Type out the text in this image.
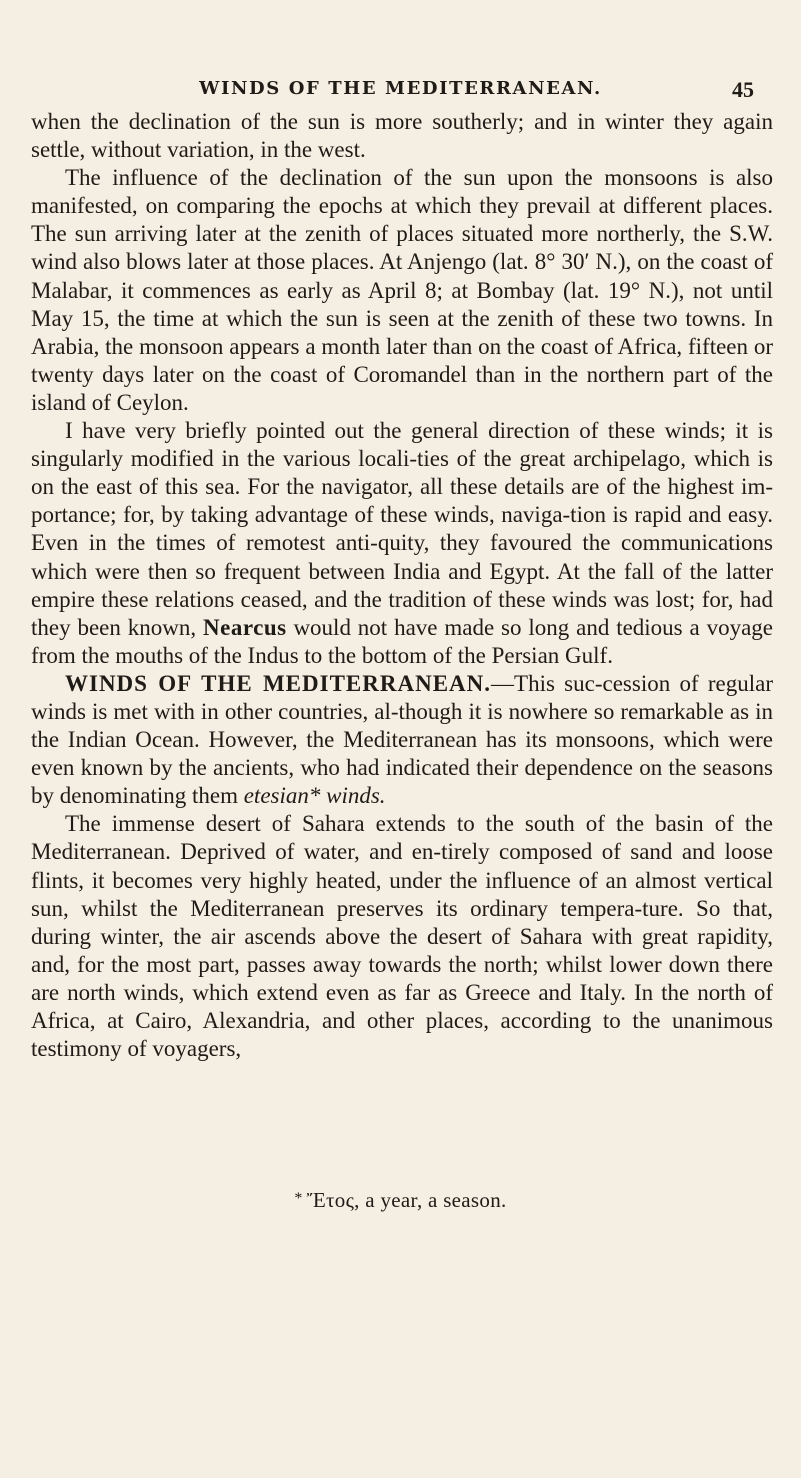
WINDS OF THE MEDITERRANEAN.	45

when the declination of the sun is more southerly; and in winter they again settle, without variation, in the west.

The influence of the declination of the sun upon the monsoons is also manifested, on comparing the epochs at which they prevail at different places. The sun arriving later at the zenith of places situated more northerly, the S.W. wind also blows later at those places. At Anjengo (lat. 8° 30′ N.), on the coast of Malabar, it commences as early as April 8; at Bombay (lat. 19° N.), not until May 15, the time at which the sun is seen at the zenith of these two towns. In Arabia, the monsoon appears a month later than on the coast of Africa, fifteen or twenty days later on the coast of Coromandel than in the northern part of the island of Ceylon.

I have very briefly pointed out the general direction of these winds; it is singularly modified in the various locali-ties of the great archipelago, which is on the east of this sea. For the navigator, all these details are of the highest im-portance; for, by taking advantage of these winds, naviga-tion is rapid and easy. Even in the times of remotest anti-quity, they favoured the communications which were then so frequent between India and Egypt. At the fall of the latter empire these relations ceased, and the tradition of these winds was lost; for, had they been known, Nearcus would not have made so long and tedious a voyage from the mouths of the Indus to the bottom of the Persian Gulf.

WINDS OF THE MEDITERRANEAN.—This suc-cession of regular winds is met with in other countries, al-though it is nowhere so remarkable as in the Indian Ocean. However, the Mediterranean has its monsoons, which were even known by the ancients, who had indicated their dependence on the seasons by denominating them etesian* winds.

The immense desert of Sahara extends to the south of the basin of the Mediterranean. Deprived of water, and en-tirely composed of sand and loose flints, it becomes very highly heated, under the influence of an almost vertical sun, whilst the Mediterranean preserves its ordinary tempera-ture. So that, during winter, the air ascends above the desert of Sahara with great rapidity, and, for the most part, passes away towards the north; whilst lower down there are north winds, which extend even as far as Greece and Italy. In the north of Africa, at Cairo, Alexandria, and other places, according to the unanimous testimony of voyagers,

* Ἔτος, a year, a season.
